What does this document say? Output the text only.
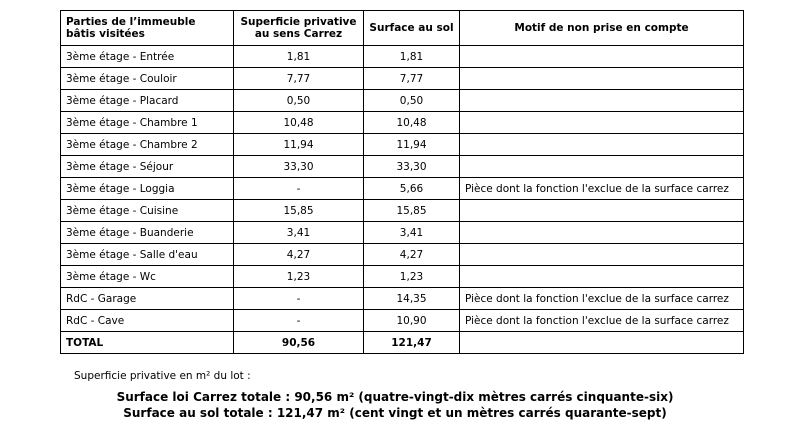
Parties de l’immeuble bâtis visitées	Superficie privative au sens Carrez	Surface au sol	Motif de non prise en compte
3ème étage - Entrée	1,81	1,81	
3ème étage - Couloir	7,77	7,77	
3ème étage - Placard	0,50	0,50	
3ème étage - Chambre 1	10,48	10,48	
3ème étage - Chambre 2	11,94	11,94	
3ème étage - Séjour	33,30	33,30	
3ème étage - Loggia	-	5,66	Pièce dont la fonction l'exclue de la surface carrez
3ème étage - Cuisine	15,85	15,85	
3ème étage - Buanderie	3,41	3,41	
3ème étage - Salle d'eau	4,27	4,27	
3ème étage - Wc	1,23	1,23	
RdC - Garage	-	14,35	Pièce dont la fonction l'exclue de la surface carrez
RdC - Cave	-	10,90	Pièce dont la fonction l'exclue de la surface carrez
TOTAL	90,56	121,47	
Superficie privative en m² du lot :
Surface loi Carrez totale : 90,56 m² (quatre-vingt-dix mètres carrés cinquante-six)
Surface au sol totale : 121,47 m² (cent vingt et un mètres carrés quarante-sept)
